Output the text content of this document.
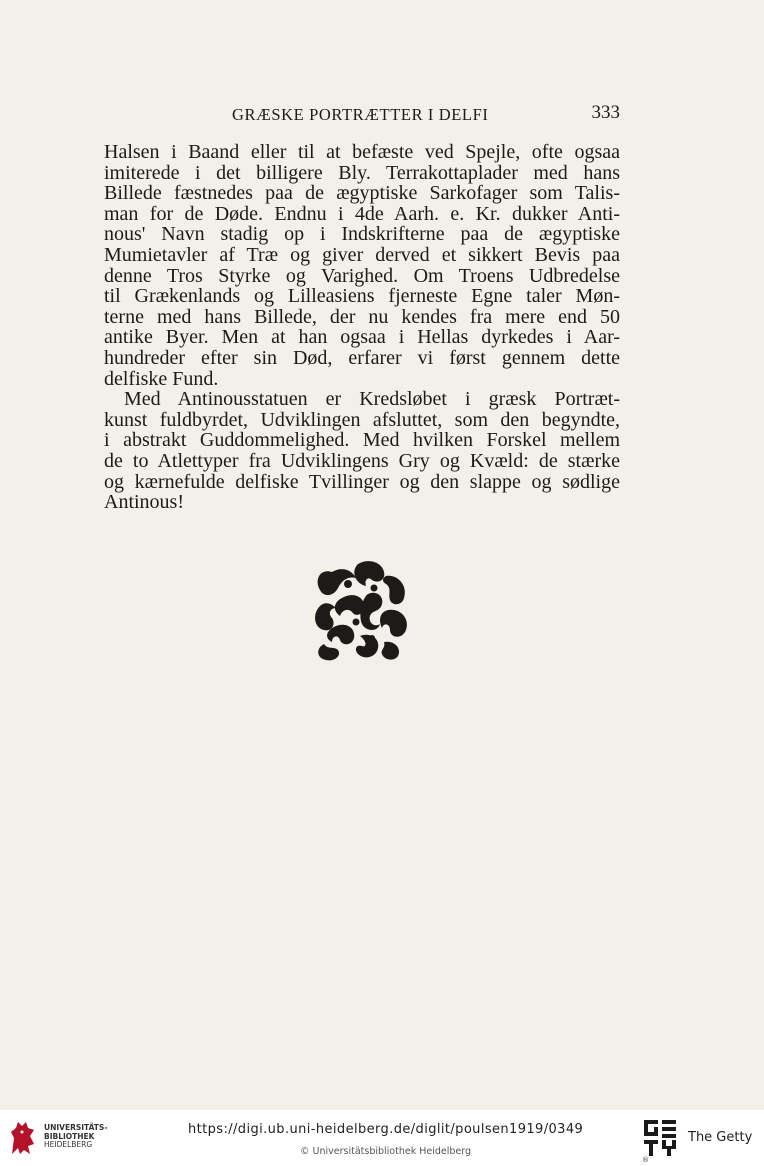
GRÆSKE PORTRÆTTER I DELFI	333
Halsen i Baand eller til at befæste ved Spejle, ofte ogsaa
imiterede i det billigere Bly. Terrakottaplader med hans
Billede fæstnedes paa de ægyptiske Sarkofager som Talis-
man for de Døde. Endnu i 4de Aarh. e. Kr. dukker Anti-
nous' Navn stadig op i Indskrifterne paa de ægyptiske
Mumietavler af Træ og giver derved et sikkert Bevis paa
denne Tros Styrke og Varighed. Om Troens Udbredelse
til Grækenlands og Lilleasiens fjerneste Egne taler Møn-
terne med hans Billede, der nu kendes fra mere end 50
antike Byer. Men at han ogsaa i Hellas dyrkedes i Aar-
hundreder efter sin Død, erfarer vi først gennem dette
delfiske Fund.
Med Antinousstatuen er Kredsløbet i græsk Portræt-
kunst fuldbyrdet, Udviklingen afsluttet, som den begyndte,
i abstrakt Guddommelighed. Med hvilken Forskel mellem
de to Atlettyper fra Udviklingens Gry og Kvæld: de stærke
og kærnefulde delfiske Tvillinger og den slappe og sødlige
Antinous!
UNIVERSITÄTS-
BIBLIOTHEK
HEIDELBERG
https://digi.ub.uni-heidelberg.de/diglit/poulsen1919/0349
© Universitätsbibliothek Heidelberg
The Getty
®
